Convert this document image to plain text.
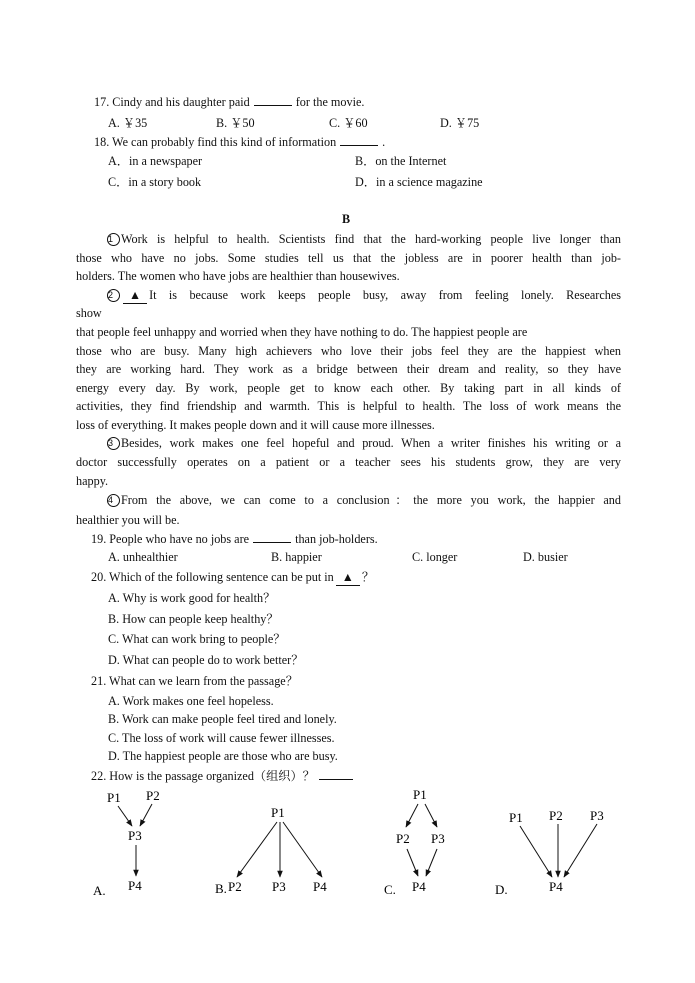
17. Cindy and his daughter paid	for the movie.
A. ￥35	B. ￥50	C. ￥60	D. ￥75
18. We can probably find this kind of information	.
A．in a newspaper	B．on the Internet
C．in a story book	D．in a science magazine
B
1 Work is helpful to health. Scientists find that the hard-working people live longer than
those who have no jobs. Some studies tell us that the jobless are in poorer health than job-
holders. The women who have jobs are healthier than housewives.
2 ▲ It is because work keeps people busy, away from feeling lonely. Researches
show
that people feel unhappy and worried when they have nothing to do. The happiest people are
those who are busy. Many high achievers who love their jobs feel they are the happiest when
they are working hard. They work as a bridge between their dream and reality, so they have
energy every day. By work, people get to know each other. By taking part in all kinds of
activities, they find friendship and warmth. This is helpful to health. The loss of work means the
loss of everything. It makes people down and it will cause more illnesses.
3 Besides, work makes one feel hopeful and proud. When a writer finishes his writing or a
doctor successfully operates on a patient or a teacher sees his students grow, they are very
happy.
4 From the above, we can come to a conclusion：the more you work, the happier and
healthier you will be.
19. People who have no jobs are	than job-holders.
A. unhealthier	B. happier	C. longer	D. busier
20. Which of the following sentence can be put in ▲ ？
A. Why is work good for health？
B. How can people keep healthy？
C. What can work bring to people？
D. What can people do to work better？
21. What can we learn from the passage？
A. Work makes one feel hopeless.
B. Work can make people feel tired and lonely.
C. The loss of work will cause fewer illnesses.
D. The happiest people are those who are busy.
22. How is the passage organized（组织）？
P1 P2
P3
P4
A.
P1
B. P2 P3 P4
P1
P2 P3
P4
C.
P1 P2 P3
P4
D.
